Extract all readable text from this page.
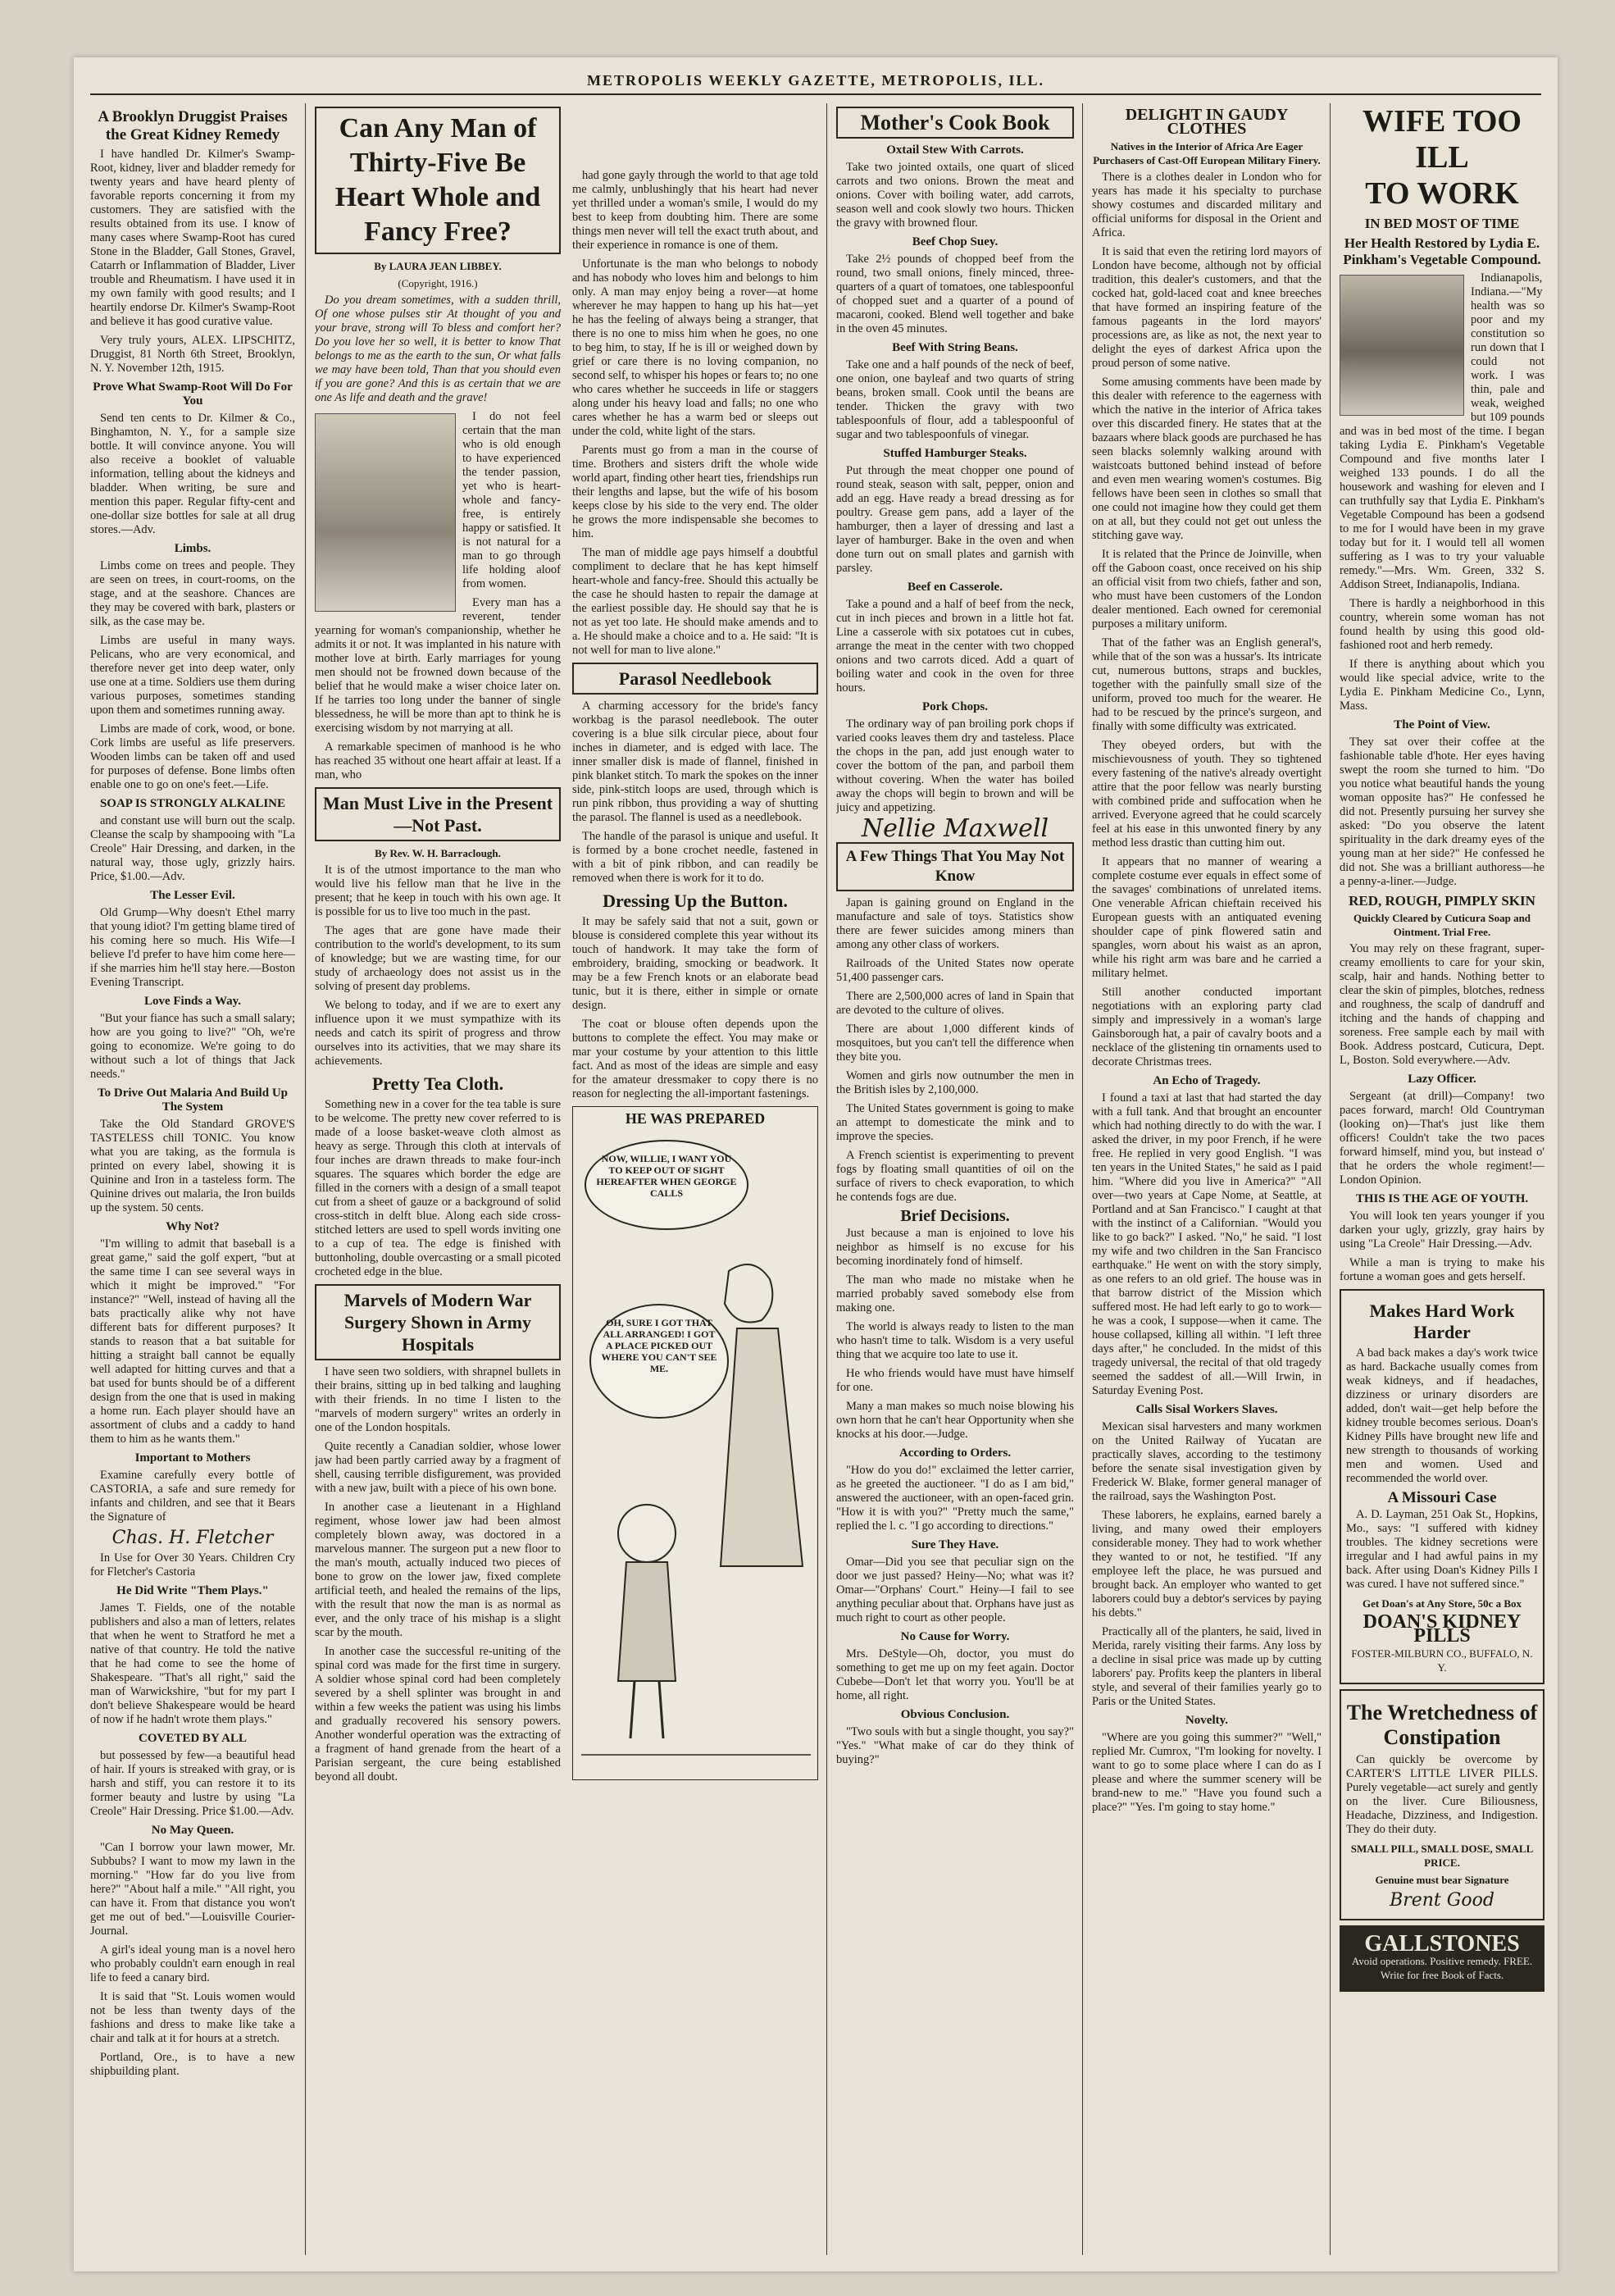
METROPOLIS WEEKLY GAZETTE, METROPOLIS, ILL.
A Brooklyn Druggist Praises the Great Kidney Remedy

I have handled Dr. Kilmer's Swamp-Root, kidney, liver and bladder remedy for twenty years and have heard plenty of favorable reports concerning it from my customers. They are satisfied with the results obtained from its use. I know of many cases where Swamp-Root has cured Stone in the Bladder, Gall Stones, Gravel, Catarrh or Inflammation of Bladder, Liver trouble and Rheumatism. I have used it in my own family with good results; and I heartily endorse Dr. Kilmer's Swamp-Root and believe it has good curative value.

Very truly yours, ALEX. LIPSCHITZ, Druggist, 81 North 6th Street, Brooklyn, N. Y. November 12th, 1915.

Prove What Swamp-Root Will Do For You

Send ten cents to Dr. Kilmer & Co., Binghamton, N. Y., for a sample size bottle. It will convince anyone. You will also receive a booklet of valuable information, telling about the kidneys and bladder. When writing, be sure and mention this paper. Regular fifty-cent and one-dollar size bottles for sale at all drug stores.—Adv.

Limbs.

Limbs come on trees and people. They are seen on trees, in court-rooms, on the stage, and at the seashore. Chances are they may be covered with bark, plasters or silk, as the case may be.

Limbs are useful in many ways. Pelicans, who are very economical, and therefore never get into deep water, only use one at a time. Soldiers use them during various purposes, sometimes standing upon them and sometimes running away.

Limbs are made of cork, wood, or bone. Cork limbs are useful as life preservers. Wooden limbs can be taken off and used for purposes of defense. Bone limbs often enable one to go on one's feet.—Life.

SOAP IS STRONGLY ALKALINE

and constant use will burn out the scalp. Cleanse the scalp by shampooing with "La Creole" Hair Dressing, and darken, in the natural way, those ugly, grizzly hairs. Price, $1.00.—Adv.

The Lesser Evil.

Old Grump—Why doesn't Ethel marry that young idiot? I'm getting blame tired of his coming here so much. His Wife—I believe I'd prefer to have him come here—if she marries him he'll stay here.—Boston Evening Transcript.

Love Finds a Way.

"But your fiance has such a small salary; how are you going to live?" "Oh, we're going to economize. We're going to do without such a lot of things that Jack needs."

To Drive Out Malaria And Build Up The System

Take the Old Standard GROVE'S TASTELESS chill TONIC. You know what you are taking, as the formula is printed on every label, showing it is Quinine and Iron in a tasteless form. The Quinine drives out malaria, the Iron builds up the system. 50 cents.

Why Not?

"I'm willing to admit that baseball is a great game," said the golf expert, "but at the same time I can see several ways in which it might be improved." "For instance?" "Well, instead of having all the bats practically alike why not have different bats for different purposes? It stands to reason that a bat suitable for hitting a straight ball cannot be equally well adapted for hitting curves and that a bat used for bunts should be of a different design from the one that is used in making a home run. Each player should have an assortment of clubs and a caddy to hand them to him as he wants them."

Important to Mothers

Examine carefully every bottle of CASTORIA, a safe and sure remedy for infants and children, and see that it Bears the Signature of

Chas. H. Fletcher

In Use for Over 30 Years. Children Cry for Fletcher's Castoria

He Did Write "Them Plays."

James T. Fields, one of the notable publishers and also a man of letters, relates that when he went to Stratford he met a native of that country. He told the native that he had come to see the home of Shakespeare. "That's all right," said the man of Warwickshire, "but for my part I don't believe Shakespeare would be heard of now if he hadn't wrote them plays."

COVETED BY ALL

but possessed by few—a beautiful head of hair. If yours is streaked with gray, or is harsh and stiff, you can restore it to its former beauty and lustre by using "La Creole" Hair Dressing. Price $1.00.—Adv.

No May Queen.

"Can I borrow your lawn mower, Mr. Subbubs? I want to mow my lawn in the morning." "How far do you live from here?" "About half a mile." "All right, you can have it. From that distance you won't get me out of bed."—Louisville Courier-Journal.

A girl's ideal young man is a novel hero who probably couldn't earn enough in real life to feed a canary bird.

It is said that "St. Louis women would not be less than twenty days of the fashions and dress to make like take a chair and talk at it for hours at a stretch.

Portland, Ore., is to have a new shipbuilding plant.

Can Any Man of Thirty-Five Be Heart Whole and Fancy Free?
By LAURA JEAN LIBBEY.
(Copyright, 1916.)

Do you dream sometimes, with a sudden thrill, Of one whose pulses stir At thought of you and your brave, strong will To bless and comfort her? Do you love her so well, it is better to know That belongs to me as the earth to the sun, Or what falls we may have been told, Than that you should even if you are gone? And this is as certain that we are one As life and death and the grave!

I do not feel certain that the man who is old enough to have experienced the tender passion, yet who is heart-whole and fancy-free, is entirely happy or satisfied. It is not natural for a man to go through life holding aloof from women.

Every man has a reverent, tender yearning for woman's companionship, whether he admits it or not. It was implanted in his nature with mother love at birth. Early marriages for young men should not be frowned down because of the belief that he would make a wiser choice later on. If he tarries too long under the banner of single blessedness, he will be more than apt to think he is exercising wisdom by not marrying at all.

A remarkable specimen of manhood is he who has reached 35 without one heart affair at least. If a man, who

Man Must Live in the Present—Not Past.
By Rev. W. H. Barraclough.

It is of the utmost importance to the man who would live his fellow man that he live in the present; that he keep in touch with his own age. It is possible for us to live too much in the past.

The ages that are gone have made their contribution to the world's development, to its sum of knowledge; but we are wasting time, for our study of archaeology does not assist us in the solving of present day problems.

We belong to today, and if we are to exert any influence upon it we must sympathize with its needs and catch its spirit of progress and throw ourselves into its activities, that we may share its achievements.

Pretty Tea Cloth.

Something new in a cover for the tea table is sure to be welcome. The pretty new cover referred to is made of a loose basket-weave cloth almost as heavy as serge. Through this cloth at intervals of four inches are drawn threads to make four-inch squares. The squares which border the edge are filled in the corners with a design of a small teapot cut from a sheet of gauze or a background of solid cross-stitch in delft blue. Along each side cross-stitched letters are used to spell words inviting one to a cup of tea. The edge is finished with buttonholing, double overcasting or a small picoted crocheted edge in the blue.

Marvels of Modern War Surgery Shown in Army Hospitals

I have seen two soldiers, with shrapnel bullets in their brains, sitting up in bed talking and laughing with their friends. In no time I listen to the "marvels of modern surgery" writes an orderly in one of the London hospitals.

Quite recently a Canadian soldier, whose lower jaw had been partly carried away by a fragment of shell, causing terrible disfigurement, was provided with a new jaw, built with a piece of his own bone.

In another case a lieutenant in a Highland regiment, whose lower jaw had been almost completely blown away, was doctored in a marvelous manner. The surgeon put a new floor to the man's mouth, actually induced two pieces of bone to grow on the lower jaw, fixed complete artificial teeth, and healed the remains of the lips, with the result that now the man is as normal as ever, and the only trace of his mishap is a slight scar by the mouth.

In another case the successful re-uniting of the spinal cord was made for the first time in surgery. A soldier whose spinal cord had been completely severed by a shell splinter was brought in and within a few weeks the patient was using his limbs and gradually recovered his sensory powers. Another wonderful operation was the extracting of a fragment of hand grenade from the heart of a Parisian sergeant, the cure being established beyond all doubt.

had gone gayly through the world to that age told me calmly, unblushingly that his heart had never yet thrilled under a woman's smile, I would do my best to keep from doubting him. There are some things men never will tell the exact truth about, and their experience in romance is one of them.

Unfortunate is the man who belongs to nobody and has nobody who loves him and belongs to him only. A man may enjoy being a rover—at home wherever he may happen to hang up his hat—yet he has the feeling of always being a stranger, that there is no one to miss him when he goes, no one to beg him, to stay, If he is ill or weighed down by grief or care there is no loving companion, no second self, to whisper his hopes or fears to; no one who cares whether he succeeds in life or staggers along under his heavy load and falls; no one who cares whether he has a warm bed or sleeps out under the cold, white light of the stars.

Parents must go from a man in the course of time. Brothers and sisters drift the whole wide world apart, finding other heart ties, friendships run their lengths and lapse, but the wife of his bosom keeps close by his side to the very end. The older he grows the more indispensable she becomes to him.

The man of middle age pays himself a doubtful compliment to declare that he has kept himself heart-whole and fancy-free. Should this actually be the case he should hasten to repair the damage at the earliest possible day. He should say that he is not as yet too late. He should make amends and to a. He should make a choice and to a. He said: "It is not well for man to live alone."

Parasol Needlebook

A charming accessory for the bride's fancy workbag is the parasol needlebook. The outer covering is a blue silk circular piece, about four inches in diameter, and is edged with lace. The inner smaller disk is made of flannel, finished in pink blanket stitch. To mark the spokes on the inner side, pink-stitch loops are used, through which is run pink ribbon, thus providing a way of shutting the parasol. The flannel is used as a needlebook.

The handle of the parasol is unique and useful. It is formed by a bone crochet needle, fastened in with a bit of pink ribbon, and can readily be removed when there is work for it to do.

Dressing Up the Button.

It may be safely said that not a suit, gown or blouse is considered complete this year without its touch of handwork. It may take the form of embroidery, braiding, smocking or beadwork. It may be a few French knots or an elaborate bead tunic, but it is there, either in simple or ornate design.

The coat or blouse often depends upon the buttons to complete the effect. You may make or mar your costume by your attention to this little fact. And as most of the ideas are simple and easy for the amateur dressmaker to copy there is no reason for neglecting the all-important fastenings.

HE WAS PREPARED
NOW, WILLIE, I WANT YOU TO KEEP OUT OF SIGHT HEREAFTER WHEN GEORGE CALLS
OH, SURE I GOT THAT ALL ARRANGED! I GOT A PLACE PICKED OUT WHERE YOU CAN'T SEE ME.
Mother's Cook Book
Oxtail Stew With Carrots.

Take two jointed oxtails, one quart of sliced carrots and two onions. Brown the meat and onions. Cover with boiling water, add carrots, season well and cook slowly two hours. Thicken the gravy with browned flour.

Beef Chop Suey.

Take 2½ pounds of chopped beef from the round, two small onions, finely minced, three-quarters of a quart of tomatoes, one tablespoonful of chopped suet and a quarter of a pound of macaroni, cooked. Blend well together and bake in the oven 45 minutes.

Beef With String Beans.

Take one and a half pounds of the neck of beef, one onion, one bayleaf and two quarts of string beans, broken small. Cook until the beans are tender. Thicken the gravy with two tablespoonfuls of flour, add a tablespoonful of sugar and two tablespoonfuls of vinegar.

Stuffed Hamburger Steaks.

Put through the meat chopper one pound of round steak, season with salt, pepper, onion and add an egg. Have ready a bread dressing as for poultry. Grease gem pans, add a layer of the hamburger, then a layer of dressing and last a layer of hamburger. Bake in the oven and when done turn out on small plates and garnish with parsley.

Beef en Casserole.

Take a pound and a half of beef from the neck, cut in inch pieces and brown in a little hot fat. Line a casserole with six potatoes cut in cubes, arrange the meat in the center with two chopped onions and two carrots diced. Add a quart of boiling water and cook in the oven for three hours.

Pork Chops.

The ordinary way of pan broiling pork chops if varied cooks leaves them dry and tasteless. Place the chops in the pan, add just enough water to cover the bottom of the pan, and parboil them without covering. When the water has boiled away the chops will begin to brown and will be juicy and appetizing.

Nellie Maxwell
A Few Things That You May Not Know

Japan is gaining ground on England in the manufacture and sale of toys. Statistics show there are fewer suicides among miners than among any other class of workers.

Railroads of the United States now operate 51,400 passenger cars.

There are 2,500,000 acres of land in Spain that are devoted to the culture of olives.

There are about 1,000 different kinds of mosquitoes, but you can't tell the difference when they bite you.

Women and girls now outnumber the men in the British isles by 2,100,000.

The United States government is going to make an attempt to domesticate the mink and to improve the species.

A French scientist is experimenting to prevent fogs by floating small quantities of oil on the surface of rivers to check evaporation, to which he contends fogs are due.

Brief Decisions.

Just because a man is enjoined to love his neighbor as himself is no excuse for his becoming inordinately fond of himself.

The man who made no mistake when he married probably saved somebody else from making one.

The world is always ready to listen to the man who hasn't time to talk. Wisdom is a very useful thing that we acquire too late to use it.

He who friends would have must have himself for one.

Many a man makes so much noise blowing his own horn that he can't hear Opportunity when she knocks at his door.—Judge.

According to Orders.

"How do you do!" exclaimed the letter carrier, as he greeted the auctioneer. "I do as I am bid," answered the auctioneer, with an open-faced grin. "How it is with you?" "Pretty much the same," replied the l. c. "I go according to directions."

Sure They Have.

Omar—Did you see that peculiar sign on the door we just passed? Heiny—No; what was it? Omar—"Orphans' Court." Heiny—I fail to see anything peculiar about that. Orphans have just as much right to court as other people.

No Cause for Worry.

Mrs. DeStyle—Oh, doctor, you must do something to get me up on my feet again. Doctor Cubebe—Don't let that worry you. You'll be at home, all right.

Obvious Conclusion.

"Two souls with but a single thought, you say?" "Yes." "What make of car do they think of buying?"

DELIGHT IN GAUDY CLOTHES
Natives in the Interior of Africa Are Eager Purchasers of Cast-Off European Military Finery.

There is a clothes dealer in London who for years has made it his specialty to purchase showy costumes and discarded military and official uniforms for disposal in the Orient and Africa.

It is said that even the retiring lord mayors of London have become, although not by official tradition, this dealer's customers, and that the cocked hat, gold-laced coat and knee breeches that have formed an inspiring feature of the famous pageants in the lord mayors' processions are, as like as not, the next year to delight the eyes of darkest Africa upon the proud person of some native.

Some amusing comments have been made by this dealer with reference to the eagerness with which the native in the interior of Africa takes over this discarded finery. He states that at the bazaars where black goods are purchased he has seen blacks solemnly walking around with waistcoats buttoned behind instead of before and even men wearing women's costumes. Big fellows have been seen in clothes so small that one could not imagine how they could get them on at all, but they could not get out unless the stitching gave way.

It is related that the Prince de Joinville, when off the Gaboon coast, once received on his ship an official visit from two chiefs, father and son, who must have been customers of the London dealer mentioned. Each owned for ceremonial purposes a military uniform.

That of the father was an English general's, while that of the son was a hussar's. Its intricate cut, numerous buttons, straps and buckles, together with the painfully small size of the uniform, proved too much for the wearer. He had to be rescued by the prince's surgeon, and finally with some difficulty was extricated.

They obeyed orders, but with the mischievousness of youth. They so tightened every fastening of the native's already overtight attire that the poor fellow was nearly bursting with combined pride and suffocation when he arrived. Everyone agreed that he could scarcely feel at his ease in this unwonted finery by any method less drastic than cutting him out.

It appears that no manner of wearing a complete costume ever equals in effect some of the savages' combinations of unrelated items. One venerable African chieftain received his European guests with an antiquated evening shoulder cape of pink flowered satin and spangles, worn about his waist as an apron, while his right arm was bare and he carried a military helmet.

Still another conducted important negotiations with an exploring party clad simply and impressively in a woman's large Gainsborough hat, a pair of cavalry boots and a necklace of the glistening tin ornaments used to decorate Christmas trees.

An Echo of Tragedy.

I found a taxi at last that had started the day with a full tank. And that brought an encounter which had nothing directly to do with the war. I asked the driver, in my poor French, if he were free. He replied in very good English. "I was ten years in the United States," he said as I paid him. "Where did you live in America?" "All over—two years at Cape Nome, at Seattle, at Portland and at San Francisco." I caught at that with the instinct of a Californian. "Would you like to go back?" I asked. "No," he said. "I lost my wife and two children in the San Francisco earthquake." He went on with the story simply, as one refers to an old grief. The house was in that barrow district of the Mission which suffered most. He had left early to go to work—he was a cook, I suppose—when it came. The house collapsed, killing all within. "I left three days after," he concluded. In the midst of this tragedy universal, the recital of that old tragedy seemed the saddest of all.—Will Irwin, in Saturday Evening Post.

Calls Sisal Workers Slaves.

Mexican sisal harvesters and many workmen on the United Railway of Yucatan are practically slaves, according to the testimony before the senate sisal investigation given by Frederick W. Blake, former general manager of the railroad, says the Washington Post.

These laborers, he explains, earned barely a living, and many owed their employers considerable money. They had to work whether they wanted to or not, he testified. "If any employee left the place, he was pursued and brought back. An employer who wanted to get laborers could buy a debtor's services by paying his debts."

Practically all of the planters, he said, lived in Merida, rarely visiting their farms. Any loss by a decline in sisal price was made up by cutting laborers' pay. Profits keep the planters in liberal style, and several of their families yearly go to Paris or the United States.

Novelty.

"Where are you going this summer?" "Well," replied Mr. Cumrox, "I'm looking for novelty. I want to go to some place where I can do as I please and where the summer scenery will be brand-new to me." "Have you found such a place?" "Yes. I'm going to stay home."

WIFE TOO ILL
TO WORK
IN BED MOST OF TIME
Her Health Restored by Lydia E. Pinkham's Vegetable Compound.

Indianapolis, Indiana.—"My health was so poor and my constitution so run down that I could not work. I was thin, pale and weak, weighed but 109 pounds and was in bed most of the time. I began taking Lydia E. Pinkham's Vegetable Compound and five months later I weighed 133 pounds. I do all the housework and washing for eleven and I can truthfully say that Lydia E. Pinkham's Vegetable Compound has been a godsend to me for I would have been in my grave today but for it. I would tell all women suffering as I was to try your valuable remedy."—Mrs. Wm. Green, 332 S. Addison Street, Indianapolis, Indiana.

There is hardly a neighborhood in this country, wherein some woman has not found health by using this good old-fashioned root and herb remedy.

If there is anything about which you would like special advice, write to the Lydia E. Pinkham Medicine Co., Lynn, Mass.

The Point of View.

They sat over their coffee at the fashionable table d'hote. Her eyes having swept the room she turned to him. "Do you notice what beautiful hands the young woman opposite has?" He confessed he did not. Presently pursuing her survey she asked: "Do you observe the latent spirituality in the dark dreamy eyes of the young man at her side?" He confessed he did not. She was a brilliant authoress—he a penny-a-liner.—Judge.

RED, ROUGH, PIMPLY SKIN
Quickly Cleared by Cuticura Soap and Ointment. Trial Free.

You may rely on these fragrant, super-creamy emollients to care for your skin, scalp, hair and hands. Nothing better to clear the skin of pimples, blotches, redness and roughness, the scalp of dandruff and itching and the hands of chapping and soreness. Free sample each by mail with Book. Address postcard, Cuticura, Dept. L, Boston. Sold everywhere.—Adv.

Lazy Officer.

Sergeant (at drill)—Company! two paces forward, march! Old Countryman (looking on)—That's just like them officers! Couldn't take the two paces forward himself, mind you, but instead o' that he orders the whole regiment!—London Opinion.

THIS IS THE AGE OF YOUTH.

You will look ten years younger if you darken your ugly, grizzly, gray hairs by using "La Creole" Hair Dressing.—Adv.

While a man is trying to make his fortune a woman goes and gets herself.

Makes Hard Work Harder

A bad back makes a day's work twice as hard. Backache usually comes from weak kidneys, and if headaches, dizziness or urinary disorders are added, don't wait—get help before the kidney trouble becomes serious. Doan's Kidney Pills have brought new life and new strength to thousands of working men and women. Used and recommended the world over.

A Missouri Case

A. D. Layman, 251 Oak St., Hopkins, Mo., says: "I suffered with kidney troubles. The kidney secretions were irregular and I had awful pains in my back. After using Doan's Kidney Pills I was cured. I have not suffered since."

Get Doan's at Any Store, 50c a Box
DOAN'S KIDNEY PILLS
FOSTER-MILBURN CO., BUFFALO, N. Y.
The Wretchedness of Constipation

Can quickly be overcome by CARTER'S LITTLE LIVER PILLS. Purely vegetable—act surely and gently on the liver. Cure Biliousness, Headache, Dizziness, and Indigestion. They do their duty.

SMALL PILL, SMALL DOSE, SMALL PRICE.
Genuine must bear Signature
Brent Good
GALLSTONES
Avoid operations. Positive remedy. FREE. Write for free Book of Facts.
